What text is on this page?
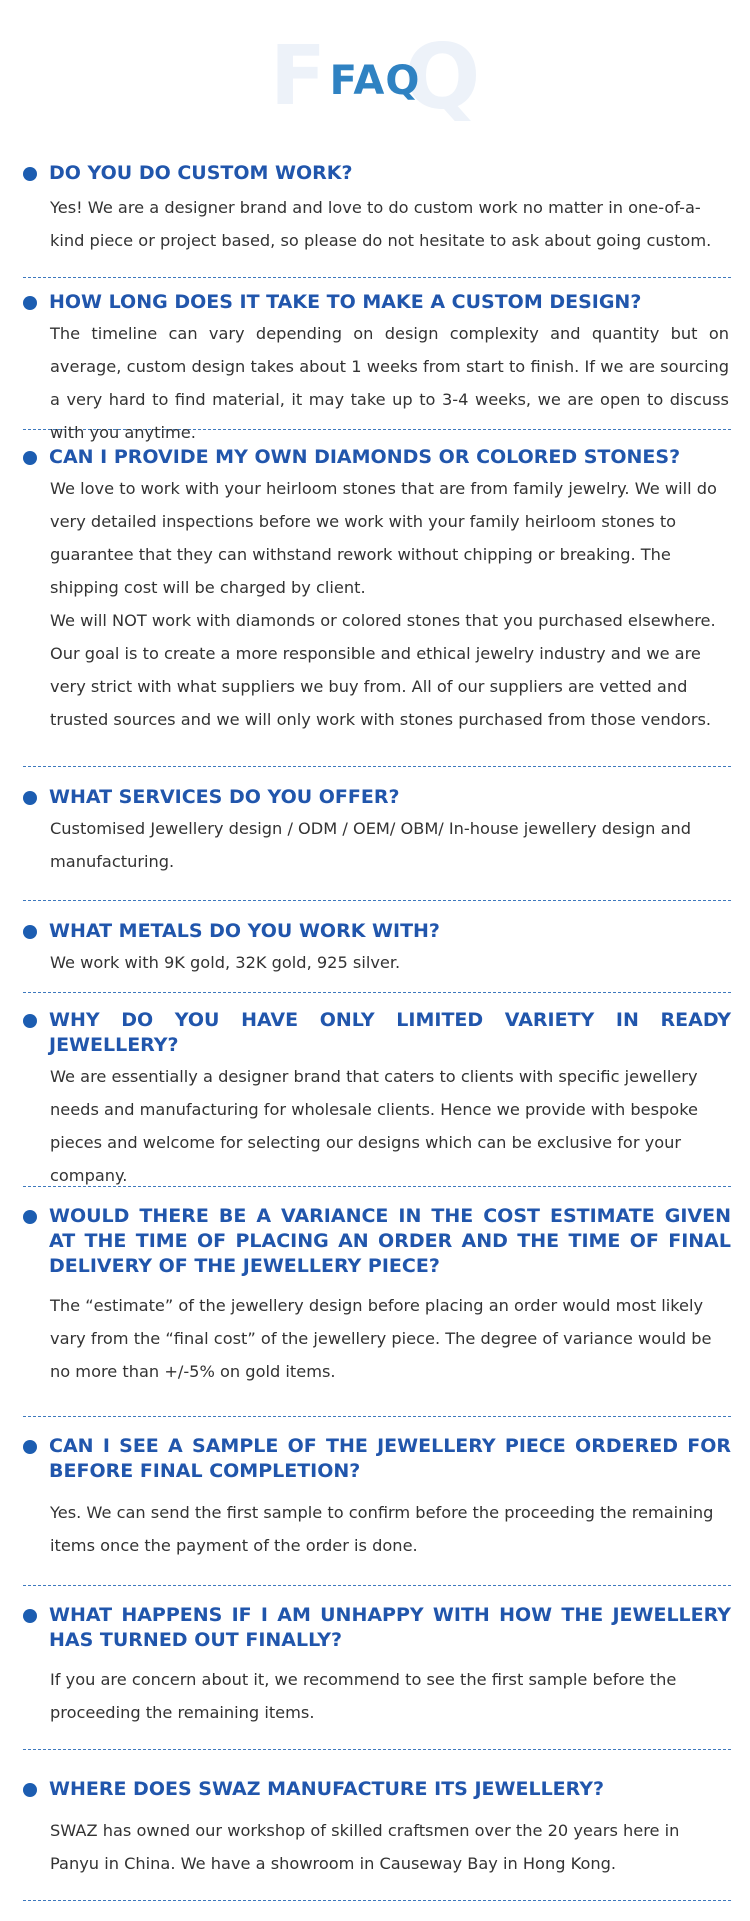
F Q
FAQ
DO YOU DO CUSTOM WORK?

Yes! We are a designer brand and love to do custom work no matter in one-of-a-kind piece or project based, so please do not hesitate to ask about going custom.

HOW LONG DOES IT TAKE TO MAKE A CUSTOM DESIGN?

The timeline can vary depending on design complexity and quantity but on average, custom design takes about 1 weeks from start to finish. If we are sourcing a very hard to find material, it may take up to 3-4 weeks, we are open to discuss with you anytime.

CAN I PROVIDE MY OWN DIAMONDS OR COLORED STONES?

We love to work with your heirloom stones that are from family jewelry. We will do very detailed inspections before we work with your family heirloom stones to guarantee that they can withstand rework without chipping or breaking. The shipping cost will be charged by client.

We will NOT work with diamonds or colored stones that you purchased elsewhere. Our goal is to create a more responsible and ethical jewelry industry and we are very strict with what suppliers we buy from. All of our suppliers are vetted and trusted sources and we will only work with stones purchased from those vendors.

WHAT SERVICES DO YOU OFFER?

Customised Jewellery design / ODM / OEM/ OBM/ In-house jewellery design and manufacturing.

WHAT METALS DO YOU WORK WITH?

We work with 9K gold, 32K gold, 925 silver.

WHY DO YOU HAVE ONLY LIMITED VARIETY IN READY JEWELLERY?

We are essentially a designer brand that caters to clients with specific jewellery needs and manufacturing for wholesale clients. Hence we provide with bespoke pieces and welcome for selecting our designs which can be exclusive for your company.

WOULD THERE BE A VARIANCE IN THE COST ESTIMATE GIVEN AT THE TIME OF PLACING AN ORDER AND THE TIME OF FINAL DELIVERY OF THE JEWELLERY PIECE?

The “estimate” of the jewellery design before placing an order would most likely vary from the “final cost” of the jewellery piece. The degree of variance would be no more than +/-5% on gold items.

CAN I SEE A SAMPLE OF THE JEWELLERY PIECE ORDERED FOR BEFORE FINAL COMPLETION?

Yes. We can send the first sample to confirm before the proceeding the remaining items once the payment of the order is done.

WHAT HAPPENS IF I AM UNHAPPY WITH HOW THE JEWELLERY HAS TURNED OUT FINALLY?

If you are concern about it, we recommend to see the first sample before the proceeding the remaining items.

WHERE DOES SWAZ MANUFACTURE ITS JEWELLERY?

SWAZ has owned our workshop of skilled craftsmen over the 20 years here in Panyu in China. We have a showroom in Causeway Bay in Hong Kong.
